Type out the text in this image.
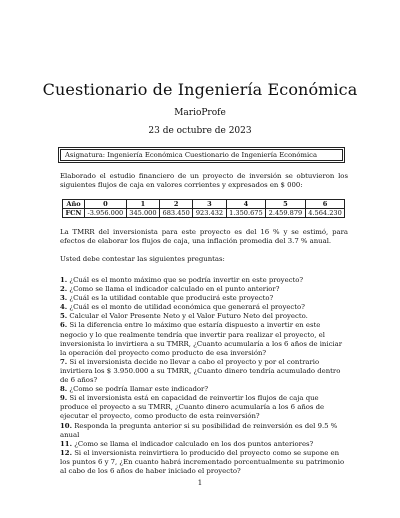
Cuestionario de Ingeniería Económica
MarioProfe
23 de octubre de 2023
Asignatura: Ingeniería Económica Cuestionario de Ingeniería Económica
Elaborado el estudio financiero de un proyecto de inversión se obtuvieron los siguientes flujos de caja en valores corrientes y expresados en $ 000:
Año	0	1	2	3	4	5	6
FCN	-3.956.000	345.000	683.450	923.432	1.350.675	2.459.879	4.564.230
La TMRR del inversionista para este proyecto es del 16 % y se estimó, para efectos de elaborar los flujos de caja, una inflación promedia del 3.7 % anual.
Usted debe contestar las siguientes preguntas:
1. ¿Cuál es el monto máximo que se podría invertir en este proyecto?
2. ¿Como se llama el indicador calculado en el punto anterior?
3. ¿Cuál es la utilidad contable que producirá este proyecto?
4. ¿Cuál es el monto de utilidad económica que generará el proyecto?
5. Calcular el Valor Presente Neto y el Valor Futuro Neto del proyecto.
6. Si la diferencia entre lo máximo que estaría dispuesto a invertir en este negocio y lo que realmente tendría que invertir para realizar el proyecto, el inversionista lo invirtiera a su TMRR, ¿Cuanto acumularía a los 6 años de iniciar la operación del proyecto como producto de esa inversión?
7. Si el inversionista decide no llevar a cabo el proyecto y por el contrario invirtiera los $ 3.950.000 a su TMRR, ¿Cuanto dinero tendría acumulado dentro de 6 años?
8. ¿Como se podría llamar este indicador?
9. Si el inversionista está en capacidad de reinvertir los flujos de caja que produce el proyecto a su TMRR, ¿Cuanto dinero acumularía a los 6 años de ejecutar el proyecto, como producto de esta reinversión?
10. Responda la pregunta anterior si su posibilidad de reinversión es del 9.5 % anual
11. ¿Como se llama el indicador calculado en los dos puntos anteriores?
12. Si el inversionista reinvirtiera lo producido del proyecto como se supone en los puntos 6 y 7, ¿En cuanto habrá incrementado porcentualmente su patrimonio al cabo de los 6 años de haber iniciado el proyecto?
1
